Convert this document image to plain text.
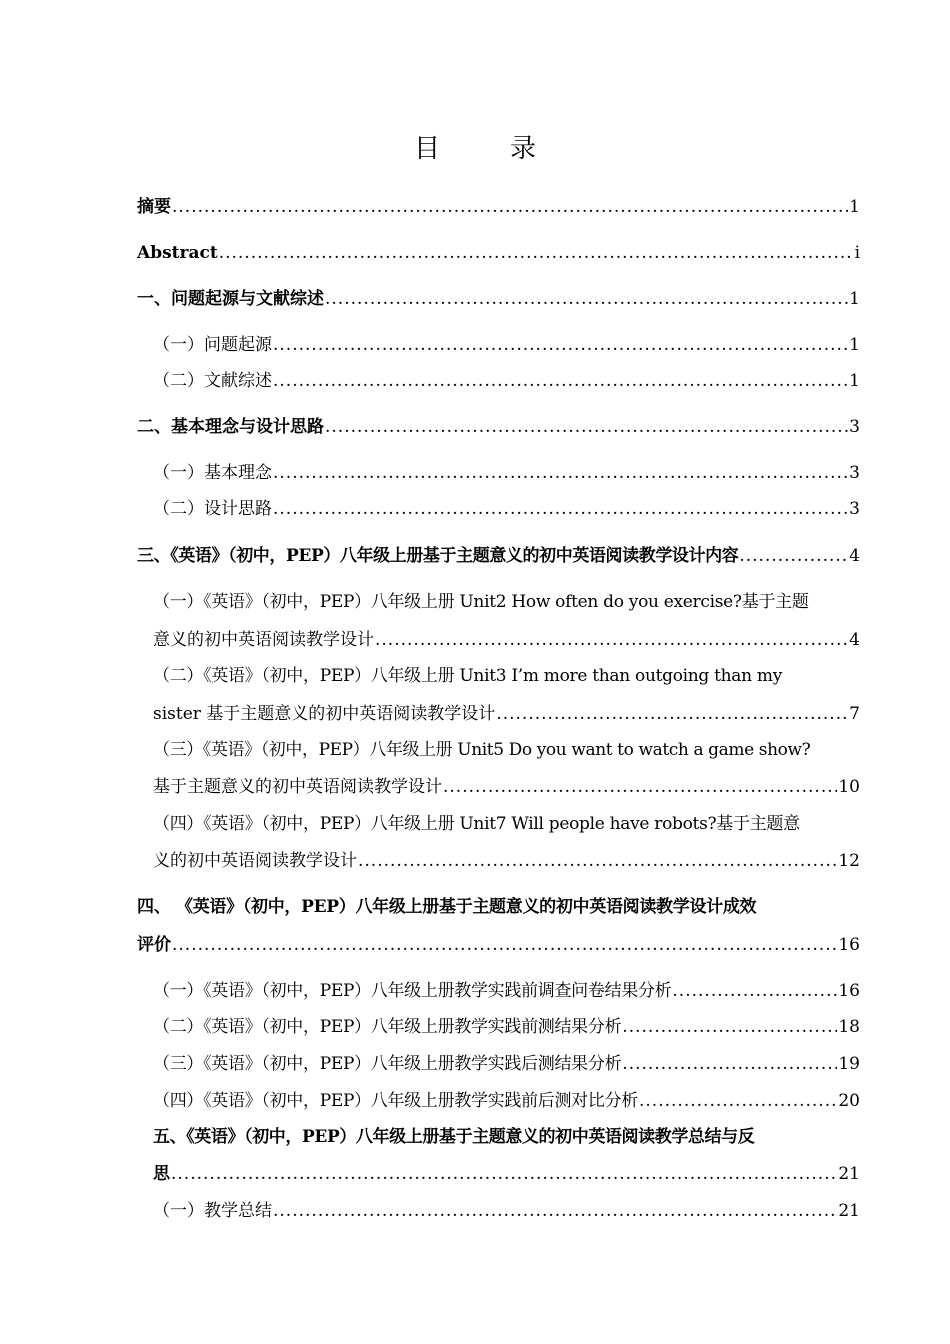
目　录
摘要 .....	1
Abstract .....	i
一、问题起源与文献综述 .....	1
（一）问题起源 .....	1
（二）文献综述 .....	1
二、基本理念与设计思路 .....	3
（一）基本理念 .....	3
（二）设计思路 .....	3
三、《英语》（初中，PEP）八年级上册基于主题意义的初中英语阅读教学设计内容 .....	4
（一）《英语》（初中，PEP）八年级上册 Unit2 How often do you exercise?基于主题
意义的初中英语阅读教学设计 .....	4
（二）《英语》（初中，PEP）八年级上册 Unit3 I’m more than outgoing than my
sister 基于主题意义的初中英语阅读教学设计 .....	7
（三）《英语》（初中，PEP）八年级上册 Unit5 Do you want to watch a game show?
基于主题意义的初中英语阅读教学设计 .....	10
（四）《英语》（初中，PEP）八年级上册 Unit7 Will people have robots?基于主题意
义的初中英语阅读教学设计 .....	12
四、 《英语》（初中，PEP）八年级上册基于主题意义的初中英语阅读教学设计成效
评价 .....	16
（一）《英语》（初中，PEP）八年级上册教学实践前调查问卷结果分析 .....	16
（二）《英语》（初中，PEP）八年级上册教学实践前测结果分析 .....	18
（三）《英语》（初中，PEP）八年级上册教学实践后测结果分析 .....	19
（四）《英语》（初中，PEP）八年级上册教学实践前后测对比分析 .....	20
五、《英语》（初中，PEP）八年级上册基于主题意义的初中英语阅读教学总结与反
思 .....	21
（一）教学总结 .....	21
